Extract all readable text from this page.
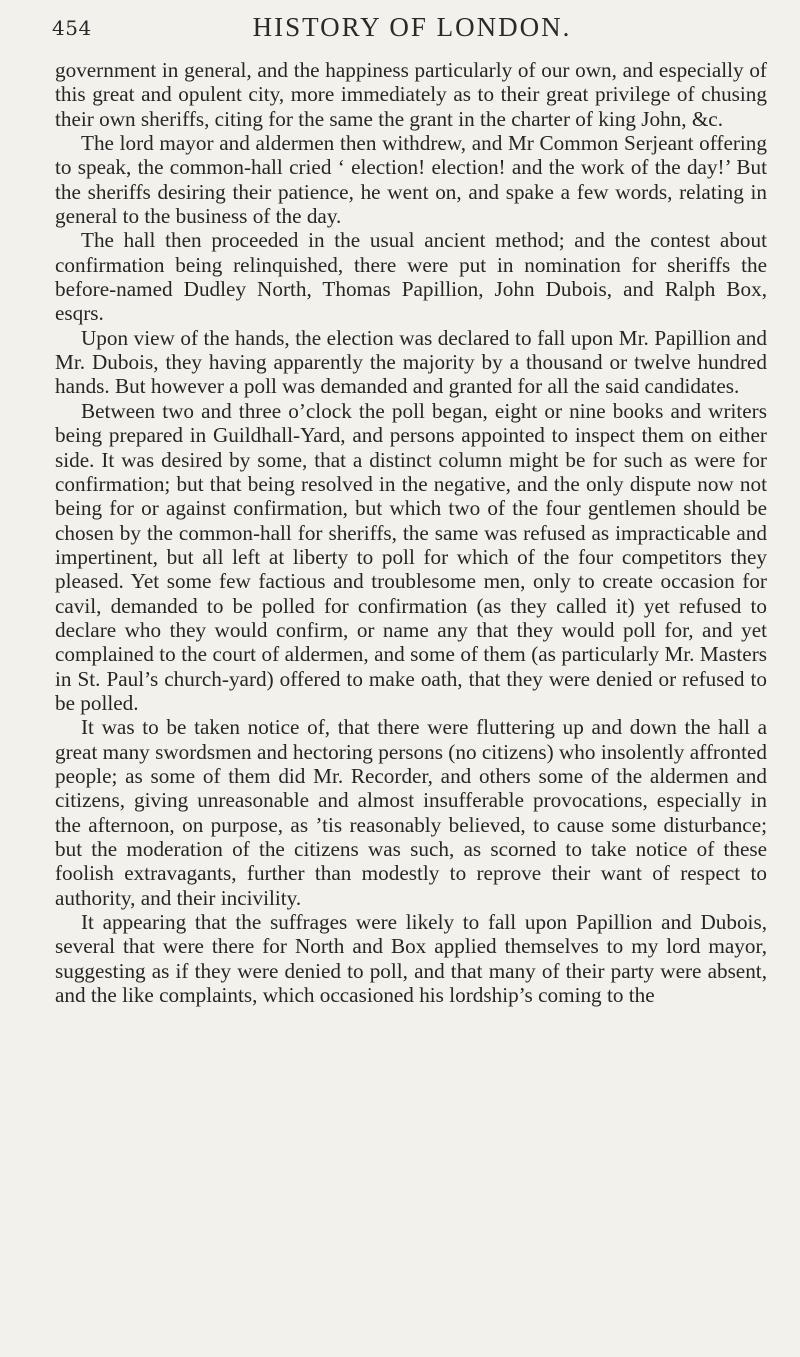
454	HISTORY OF LONDON.

government in general, and the happiness particularly of our own, and especially of this great and opulent city, more immediately as to their great privilege of chusing their own sheriffs, citing for the same the grant in the charter of king John, &c.

The lord mayor and aldermen then withdrew, and Mr Common Serjeant offering to speak, the common-hall cried ‘ election! election! and the work of the day!’ But the sheriffs desiring their patience, he went on, and spake a few words, relating in general to the business of the day.

The hall then proceeded in the usual ancient method; and the contest about confirmation being relinquished, there were put in nomination for sheriffs the before-named Dudley North, Thomas Papillion, John Dubois, and Ralph Box, esqrs.

Upon view of the hands, the election was declared to fall upon Mr. Papillion and Mr. Dubois, they having apparently the majority by a thousand or twelve hundred hands. But however a poll was demanded and granted for all the said candidates.

Between two and three o’clock the poll began, eight or nine books and writers being prepared in Guildhall-Yard, and persons appointed to inspect them on either side. It was desired by some, that a distinct column might be for such as were for confirmation; but that being resolved in the negative, and the only dispute now not being for or against confirmation, but which two of the four gentlemen should be chosen by the common-hall for sheriffs, the same was refused as impracticable and impertinent, but all left at liberty to poll for which of the four competitors they pleased. Yet some few factious and troublesome men, only to create occasion for cavil, demanded to be polled for confirmation (as they called it) yet refused to declare who they would confirm, or name any that they would poll for, and yet complained to the court of aldermen, and some of them (as particularly Mr. Masters in St. Paul’s church-yard) offered to make oath, that they were denied or refused to be polled.

It was to be taken notice of, that there were fluttering up and down the hall a great many swordsmen and hectoring persons (no citizens) who insolently affronted people; as some of them did Mr. Recorder, and others some of the aldermen and citizens, giving unreasonable and almost insufferable provocations, especially in the afternoon, on purpose, as ’tis reasonably believed, to cause some disturbance; but the moderation of the citizens was such, as scorned to take notice of these foolish extravagants, further than modestly to reprove their want of respect to authority, and their incivility.

It appearing that the suffrages were likely to fall upon Papillion and Dubois, several that were there for North and Box applied themselves to my lord mayor, suggesting as if they were denied to poll, and that many of their party were absent, and the like complaints, which occasioned his lordship’s coming to the
